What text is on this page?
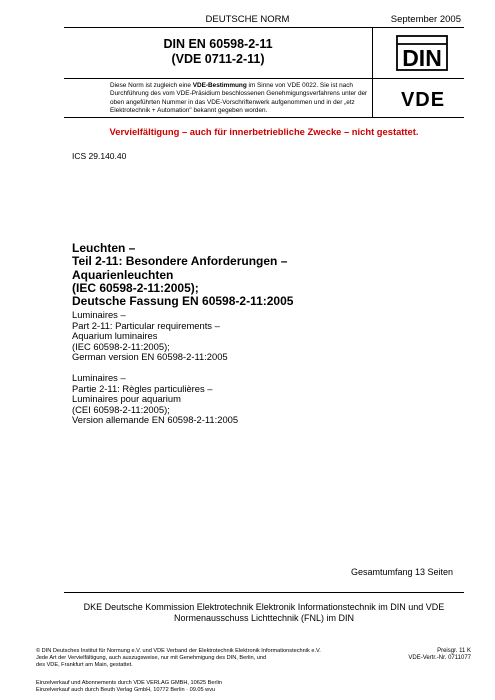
DEUTSCHE NORM	September 2005
DIN EN 60598-2-11
(VDE 0711-2-11)	DIN
Diese Norm ist zugleich eine VDE-Bestimmung im Sinne von VDE 0022. Sie ist nach Durchführung des vom VDE-Präsidium beschlossenen Genehmigungsverfahrens unter der oben angeführten Nummer in das VDE-Vorschriftenwerk aufgenommen und in der „etz Elektrotechnik + Automation" bekannt gegeben worden.	VDE
Vervielfältigung – auch für innerbetriebliche Zwecke – nicht gestattet.
ICS 29.140.40
Leuchten –
Teil 2-11: Besondere Anforderungen –
Aquarienleuchten
(IEC 60598-2-11:2005);
Deutsche Fassung EN 60598-2-11:2005
Luminaires –
Part 2-11: Particular requirements –
Aquarium luminaires
(IEC 60598-2-11:2005);
German version EN 60598-2-11:2005
Luminaires –
Partie 2-11: Règles particulières –
Luminaires pour aquarium
(CEI 60598-2-11:2005);
Version allemande EN 60598-2-11:2005
Gesamtumfang 13 Seiten
DKE Deutsche Kommission Elektrotechnik Elektronik Informationstechnik im DIN und VDE
Normenausschuss Lichttechnik (FNL) im DIN
© DIN Deutsches Institut für Normung e.V. und VDE Verband der Elektrotechnik Elektronik Informationstechnik e.V.
Jede Art der Vervielfältigung, auch auszugsweise, nur mit Genehmigung des DIN, Berlin, und
des VDE, Frankfurt am Main, gestattet.
Einzelverkauf und Abonnements durch VDE VERLAG GMBH, 10625 Berlin
Einzelverkauf auch durch Beuth Verlag GmbH, 10772 Berlin · 09.05 wvu
Preisgr. 11 K
VDE-Vertr.-Nr. 0711077
